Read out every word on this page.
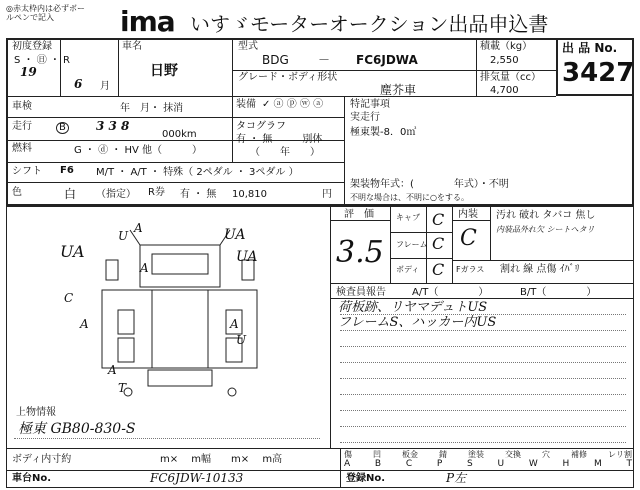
◎赤太枠内は必ずボールペンで記入	ima いすゞモーターオークション出品申込書
出 品 No.
3427
初度登録
S ・ ㊐ ・ R
19
6 月
車名
日野
型式
BDG － FC6JDWA
グレード・ボディ形状
塵芥車
積載（kg）
2,550
排気量（cc）
4,700
車検	年　月・ 抹消
走行	B	3 3 8
000km
燃料	G ・ ⓓ ・ HV 他（　　　）
シフト F6 M/T ・ A/T ・ 特殊（ 2ペダル ・ 3ペダル ）
色	白 （指定） R券 有 ・ 無 10,810	円
装備 ✓ ⓐ ⓟ ⓦ ⓐ
タコグラフ
有 ・ 無　　　別体
（　　年　　）
特記事項
実走行
極東製-8．0㎥
架装物年式：(　　　　年式）・不明
不明な場合は、不明に○をする。
評　価
3.5
キャブ C
フレーム C
ボディ C
内装
C
汚れ 破れ タバコ 焦し
内装品外れ欠 シートへタリ
Fガラス 割れ 線 点傷 ｲﾊﾞﾘ
検査員報告	A/T（　　　　）	B/T（　　　　）
荷板跡、リヤマデュトUS
フレームS、ハッカー内US
UA
U
A	UA
UA
A
C
A	A
U
A
T
上物情報
極東 GB80-830-S
ボディ内寸約	m× 　m幅　　m×　 m高	傷	凹	板金	錆	塗装	交換	穴	補修	レリ割
A	B	C	P	S	U	W	H	M	T
車台No.	FC6JDW-10133	登録No.	P左
